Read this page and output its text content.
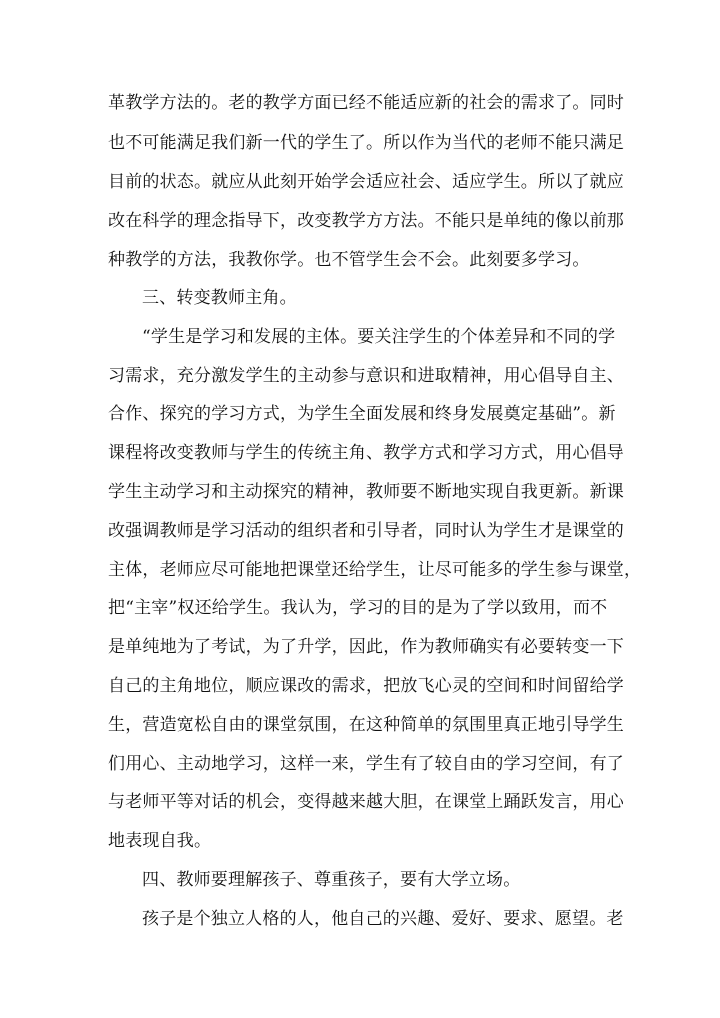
革教学方法的。老的教学方面已经不能适应新的社会的需求了。同时
也不可能满足我们新一代的学生了。所以作为当代的老师不能只满足
目前的状态。就应从此刻开始学会适应社会、适应学生。所以了就应
改在科学的理念指导下，改变教学方方法。不能只是单纯的像以前那
种教学的方法，我教你学。也不管学生会不会。此刻要多学习。
三、转变教师主角。
“学生是学习和发展的主体。要关注学生的个体差异和不同的学
习需求，充分激发学生的主动参与意识和进取精神，用心倡导自主、
合作、探究的学习方式，为学生全面发展和终身发展奠定基础”。新
课程将改变教师与学生的传统主角、教学方式和学习方式，用心倡导
学生主动学习和主动探究的精神，教师要不断地实现自我更新。新课
改强调教师是学习活动的组织者和引导者，同时认为学生才是课堂的
主体，老师应尽可能地把课堂还给学生，让尽可能多的学生参与课堂，
把“主宰”权还给学生。我认为，学习的目的是为了学以致用，而不
是单纯地为了考试，为了升学，因此，作为教师确实有必要转变一下
自己的主角地位，顺应课改的需求，把放飞心灵的空间和时间留给学
生，营造宽松自由的课堂氛围，在这种简单的氛围里真正地引导学生
们用心、主动地学习，这样一来，学生有了较自由的学习空间，有了
与老师平等对话的机会，变得越来越大胆，在课堂上踊跃发言，用心
地表现自我。
四、教师要理解孩子、尊重孩子，要有大学立场。
孩子是个独立人格的人，他自己的兴趣、爱好、要求、愿望。老
